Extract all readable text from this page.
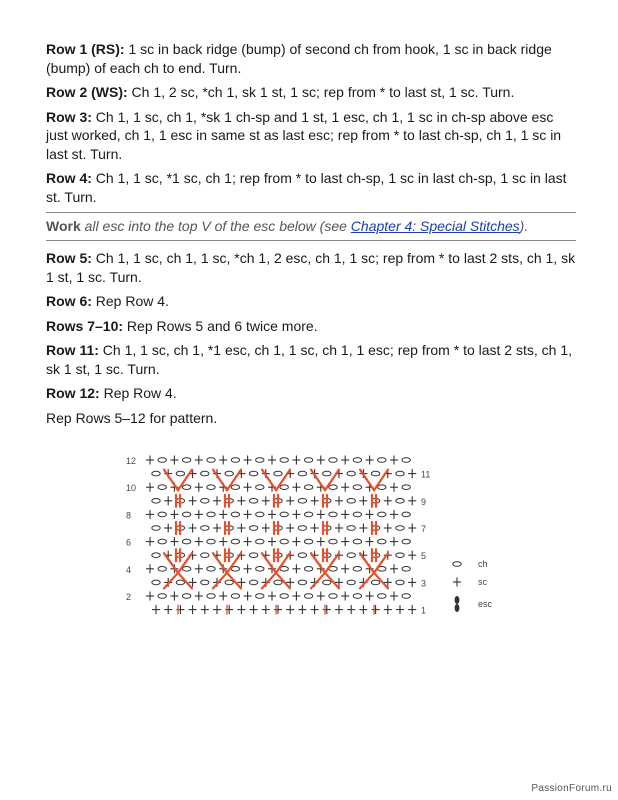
Row 1 (RS): 1 sc in back ridge (bump) of second ch from hook, 1 sc in back ridge (bump) of each ch to end. Turn.

Row 2 (WS): Ch 1, 2 sc, *ch 1, sk 1 st, 1 sc; rep from * to last st, 1 sc. Turn.

Row 3: Ch 1, 1 sc, ch 1, *sk 1 ch-sp and 1 st, 1 esc, ch 1, 1 sc in ch-sp above esc just worked, ch 1, 1 esc in same st as last esc; rep from * to last ch-sp, ch 1, 1 sc in last st. Turn.

Row 4: Ch 1, 1 sc, *1 sc, ch 1; rep from * to last ch-sp, 1 sc in last ch-sp, 1 sc in last st. Turn.

Work all esc into the top V of the esc below (see Chapter 4: Special Stitches).

Row 5: Ch 1, 1 sc, ch 1, 1 sc, *ch 1, 2 esc, ch 1, 1 sc; rep from * to last 2 sts, ch 1, sk 1 st, 1 sc. Turn.

Row 6: Rep Row 4.

Rows 7–10: Rep Rows 5 and 6 twice more.

Row 11: Ch 1, 1 sc, ch 1, *1 esc, ch 1, 1 sc, ch 1, 1 esc; rep from * to last 2 sts, ch 1, sk 1 st, 1 sc. Turn.

Row 12: Rep Row 4.

Rep Rows 5–12 for pattern.

12
10
8
6
4
2
11
9
7
5
3
1
ch
sc
esc
PassionForum.ru
